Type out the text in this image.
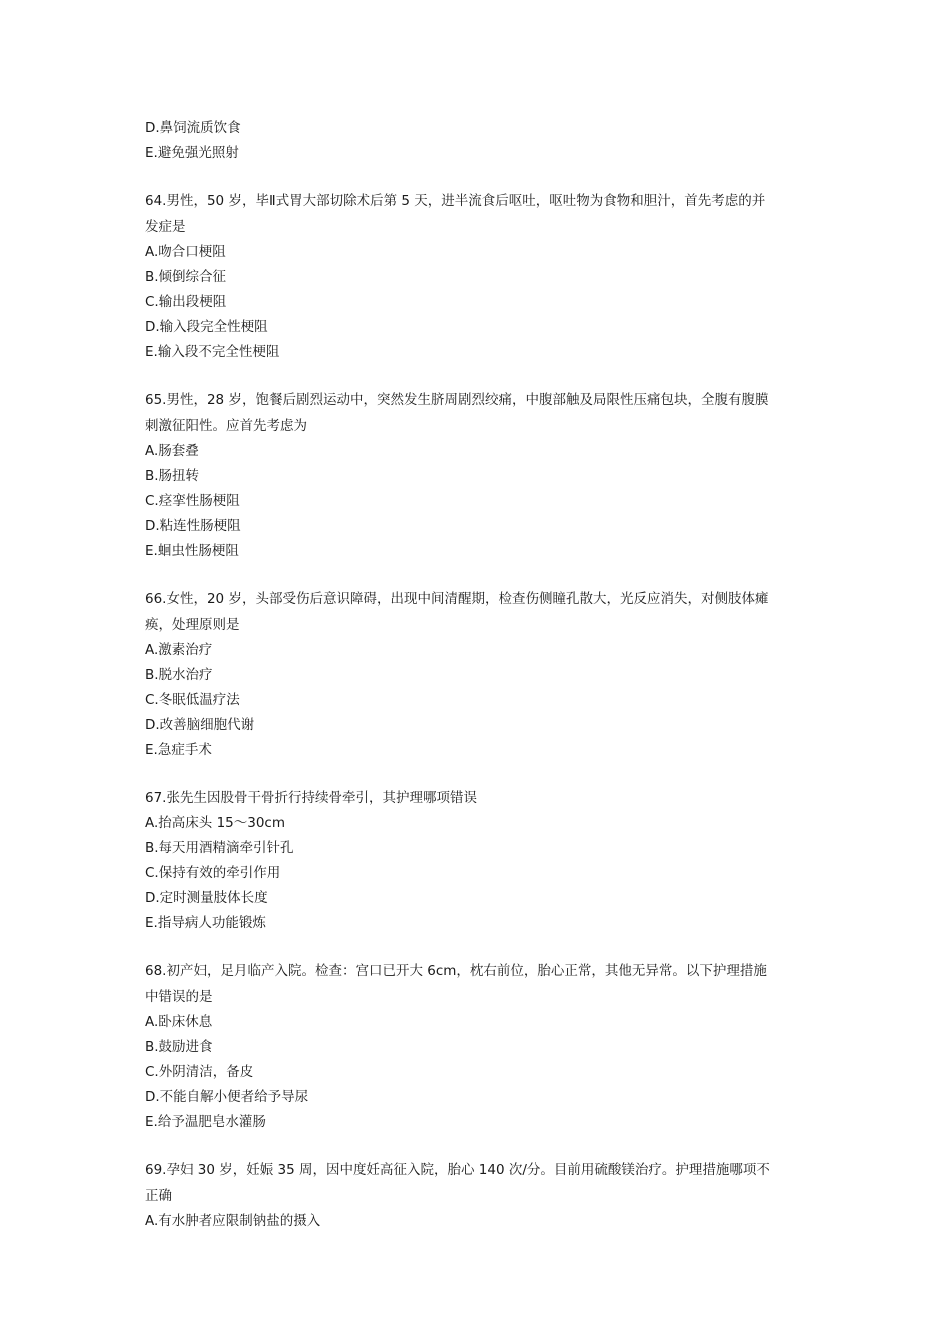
D.鼻饲流质饮食
E.避免强光照射
64.男性，50 岁，毕Ⅱ式胃大部切除术后第 5 天，进半流食后呕吐，呕吐物为食物和胆汁，首先考虑的并
发症是
A.吻合口梗阻
B.倾倒综合征
C.输出段梗阻
D.输入段完全性梗阻
E.输入段不完全性梗阻
65.男性，28 岁，饱餐后剧烈运动中，突然发生脐周剧烈绞痛，中腹部触及局限性压痛包块，全腹有腹膜
刺激征阳性。应首先考虑为
A.肠套叠
B.肠扭转
C.痉挛性肠梗阻
D.粘连性肠梗阻
E.蛔虫性肠梗阻
66.女性，20 岁，头部受伤后意识障碍，出现中间清醒期，检查伤侧瞳孔散大，光反应消失，对侧肢体瘫
痪，处理原则是
A.激素治疗
B.脱水治疗
C.冬眠低温疗法
D.改善脑细胞代谢
E.急症手术
67.张先生因股骨干骨折行持续骨牵引，其护理哪项错误
A.抬高床头 15～30cm
B.每天用酒精滴牵引针孔
C.保持有效的牵引作用
D.定时测量肢体长度
E.指导病人功能锻炼
68.初产妇，足月临产入院。检查：宫口已开大 6cm，枕右前位，胎心正常，其他无异常。以下护理措施
中错误的是
A.卧床休息
B.鼓励进食
C.外阴清洁，备皮
D.不能自解小便者给予导尿
E.给予温肥皂水灌肠
69.孕妇 30 岁，妊娠 35 周，因中度妊高征入院，胎心 140 次/分。目前用硫酸镁治疗。护理措施哪项不
正确
A.有水肿者应限制钠盐的摄入
